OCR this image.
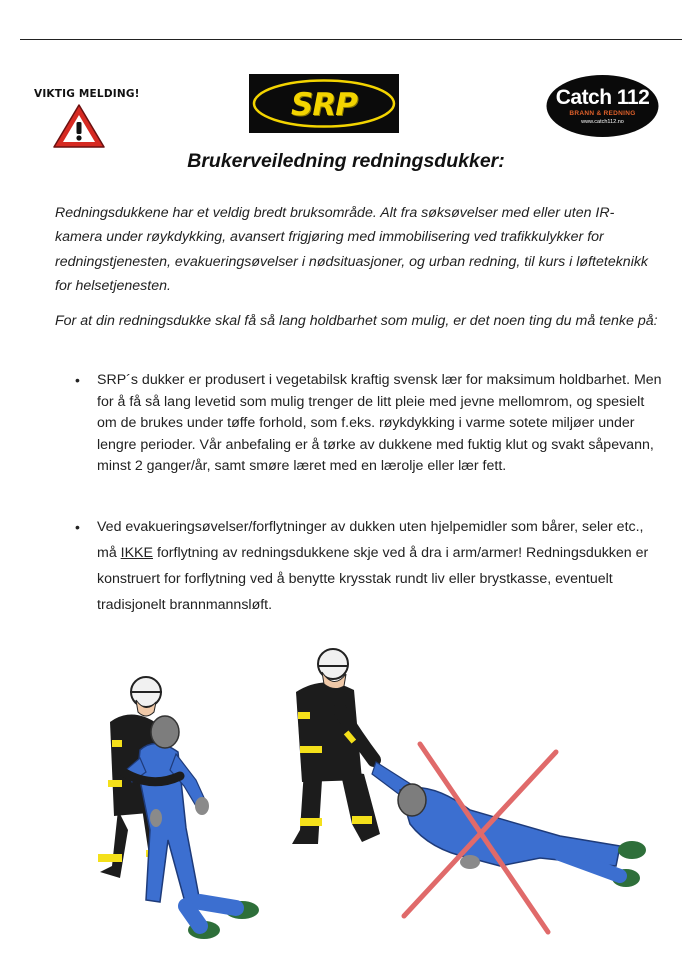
VIKTIG MELDING!	SRP	Catch 112
BRANN & REDNING
www.catch112.no
Brukerveiledning redningsdukker:
Redningsdukkene har et veldig bredt bruksområde. Alt fra søksøvelser med eller uten IR-kamera under røykdykking, avansert frigjøring med immobilisering ved trafikkulykker for redningstjenesten, evakueringsøvelser i nødsituasjoner, og urban redning, til kurs i løfteteknikk for helsetjenesten.
For at din redningsdukke skal få så lang holdbarhet som mulig, er det noen ting du må tenke på:
• SRP´s dukker er produsert i vegetabilsk kraftig svensk lær for maksimum holdbarhet. Men for å få så lang levetid som mulig trenger de litt pleie med jevne mellomrom, og spesielt om de brukes under tøffe forhold, som f.eks. røykdykking i varme sotete miljøer under lengre perioder. Vår anbefaling er å tørke av dukkene med fuktig klut og svakt såpevann, minst 2 ganger/år, samt smøre læret med en lærolje eller lær fett.
• Ved evakueringsøvelser/forflytninger av dukken uten hjelpemidler som bårer, seler etc., må IKKE forflytning av redningsdukkene skje ved å dra i arm/armer! Redningsdukken er konstruert for forflytning ved å benytte krysstak rundt liv eller brystkasse, eventuelt tradisjonelt brannmannsløft.
